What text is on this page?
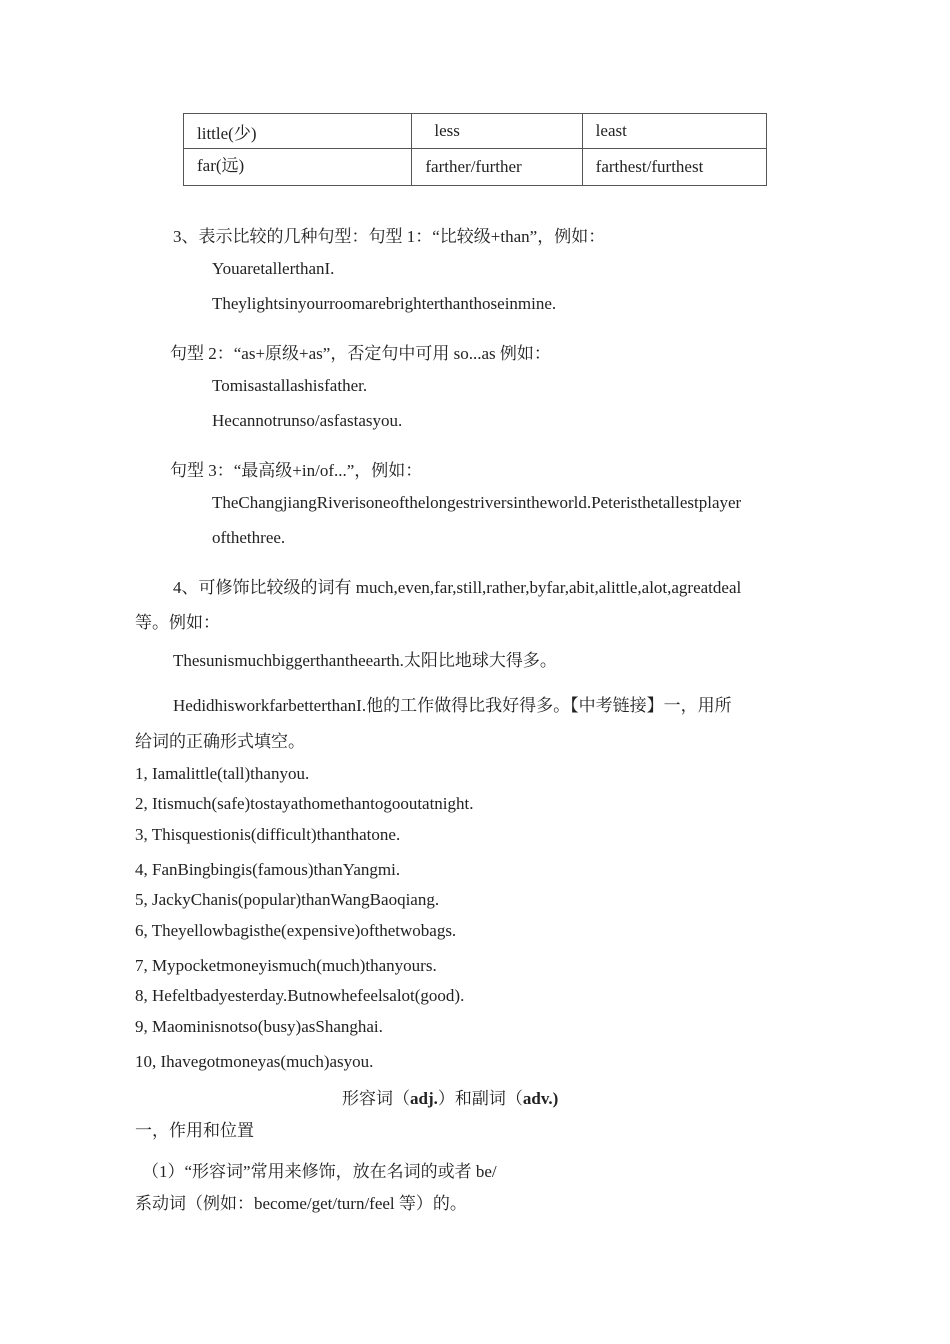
little(少)	less	least
far(远)	farther/further	farthest/furthest
3、表示比较的几种句型：句型 1：“比较级+than”，例如：
YouaretallerthanI.
Theylightsinyourroomarebrighterthanthoseinmine.
句型 2：“as+原级+as”，否定句中可用 so...as 例如：
Tomisastallashisfather.
Hecannotrunso/asfastasyou.
句型 3：“最高级+in/of...”，例如：
TheChangjiangRiverisoneofthelongestriversintheworld.Peteristhetallestplayer
ofthethree.
4、可修饰比较级的词有 much,even,far,still,rather,byfar,abit,alittle,alot,agreatdeal
等。例如：
Thesunismuchbiggerthantheearth.太阳比地球大得多。
HedidhisworkfarbetterthanI.他的工作做得比我好得多。【中考链接】一，用所
给词的正确形式填空。
1, Iamalittle(tall)thanyou.
2, Itismuch(safe)tostayathomethantogooutatnight.
3, Thisquestionis(difficult)thanthatone.
4, FanBingbingis(famous)thanYangmi.
5, JackyChanis(popular)thanWangBaoqiang.
6, Theyellowbagisthe(expensive)ofthetwobags.
7, Mypocketmoneyismuch(much)thanyours.
8, Hefeltbadyesterday.Butnowhefeelsalot(good).
9, Maominisnotso(busy)asShanghai.
10, Ihavegotmoneyas(much)asyou.
形容词（adj.）和副词（adv.)
一，作用和位置
（1）“形容词”常用来修饰，放在名词的或者 be/
系动词（例如：become/get/turn/feel 等）的。
